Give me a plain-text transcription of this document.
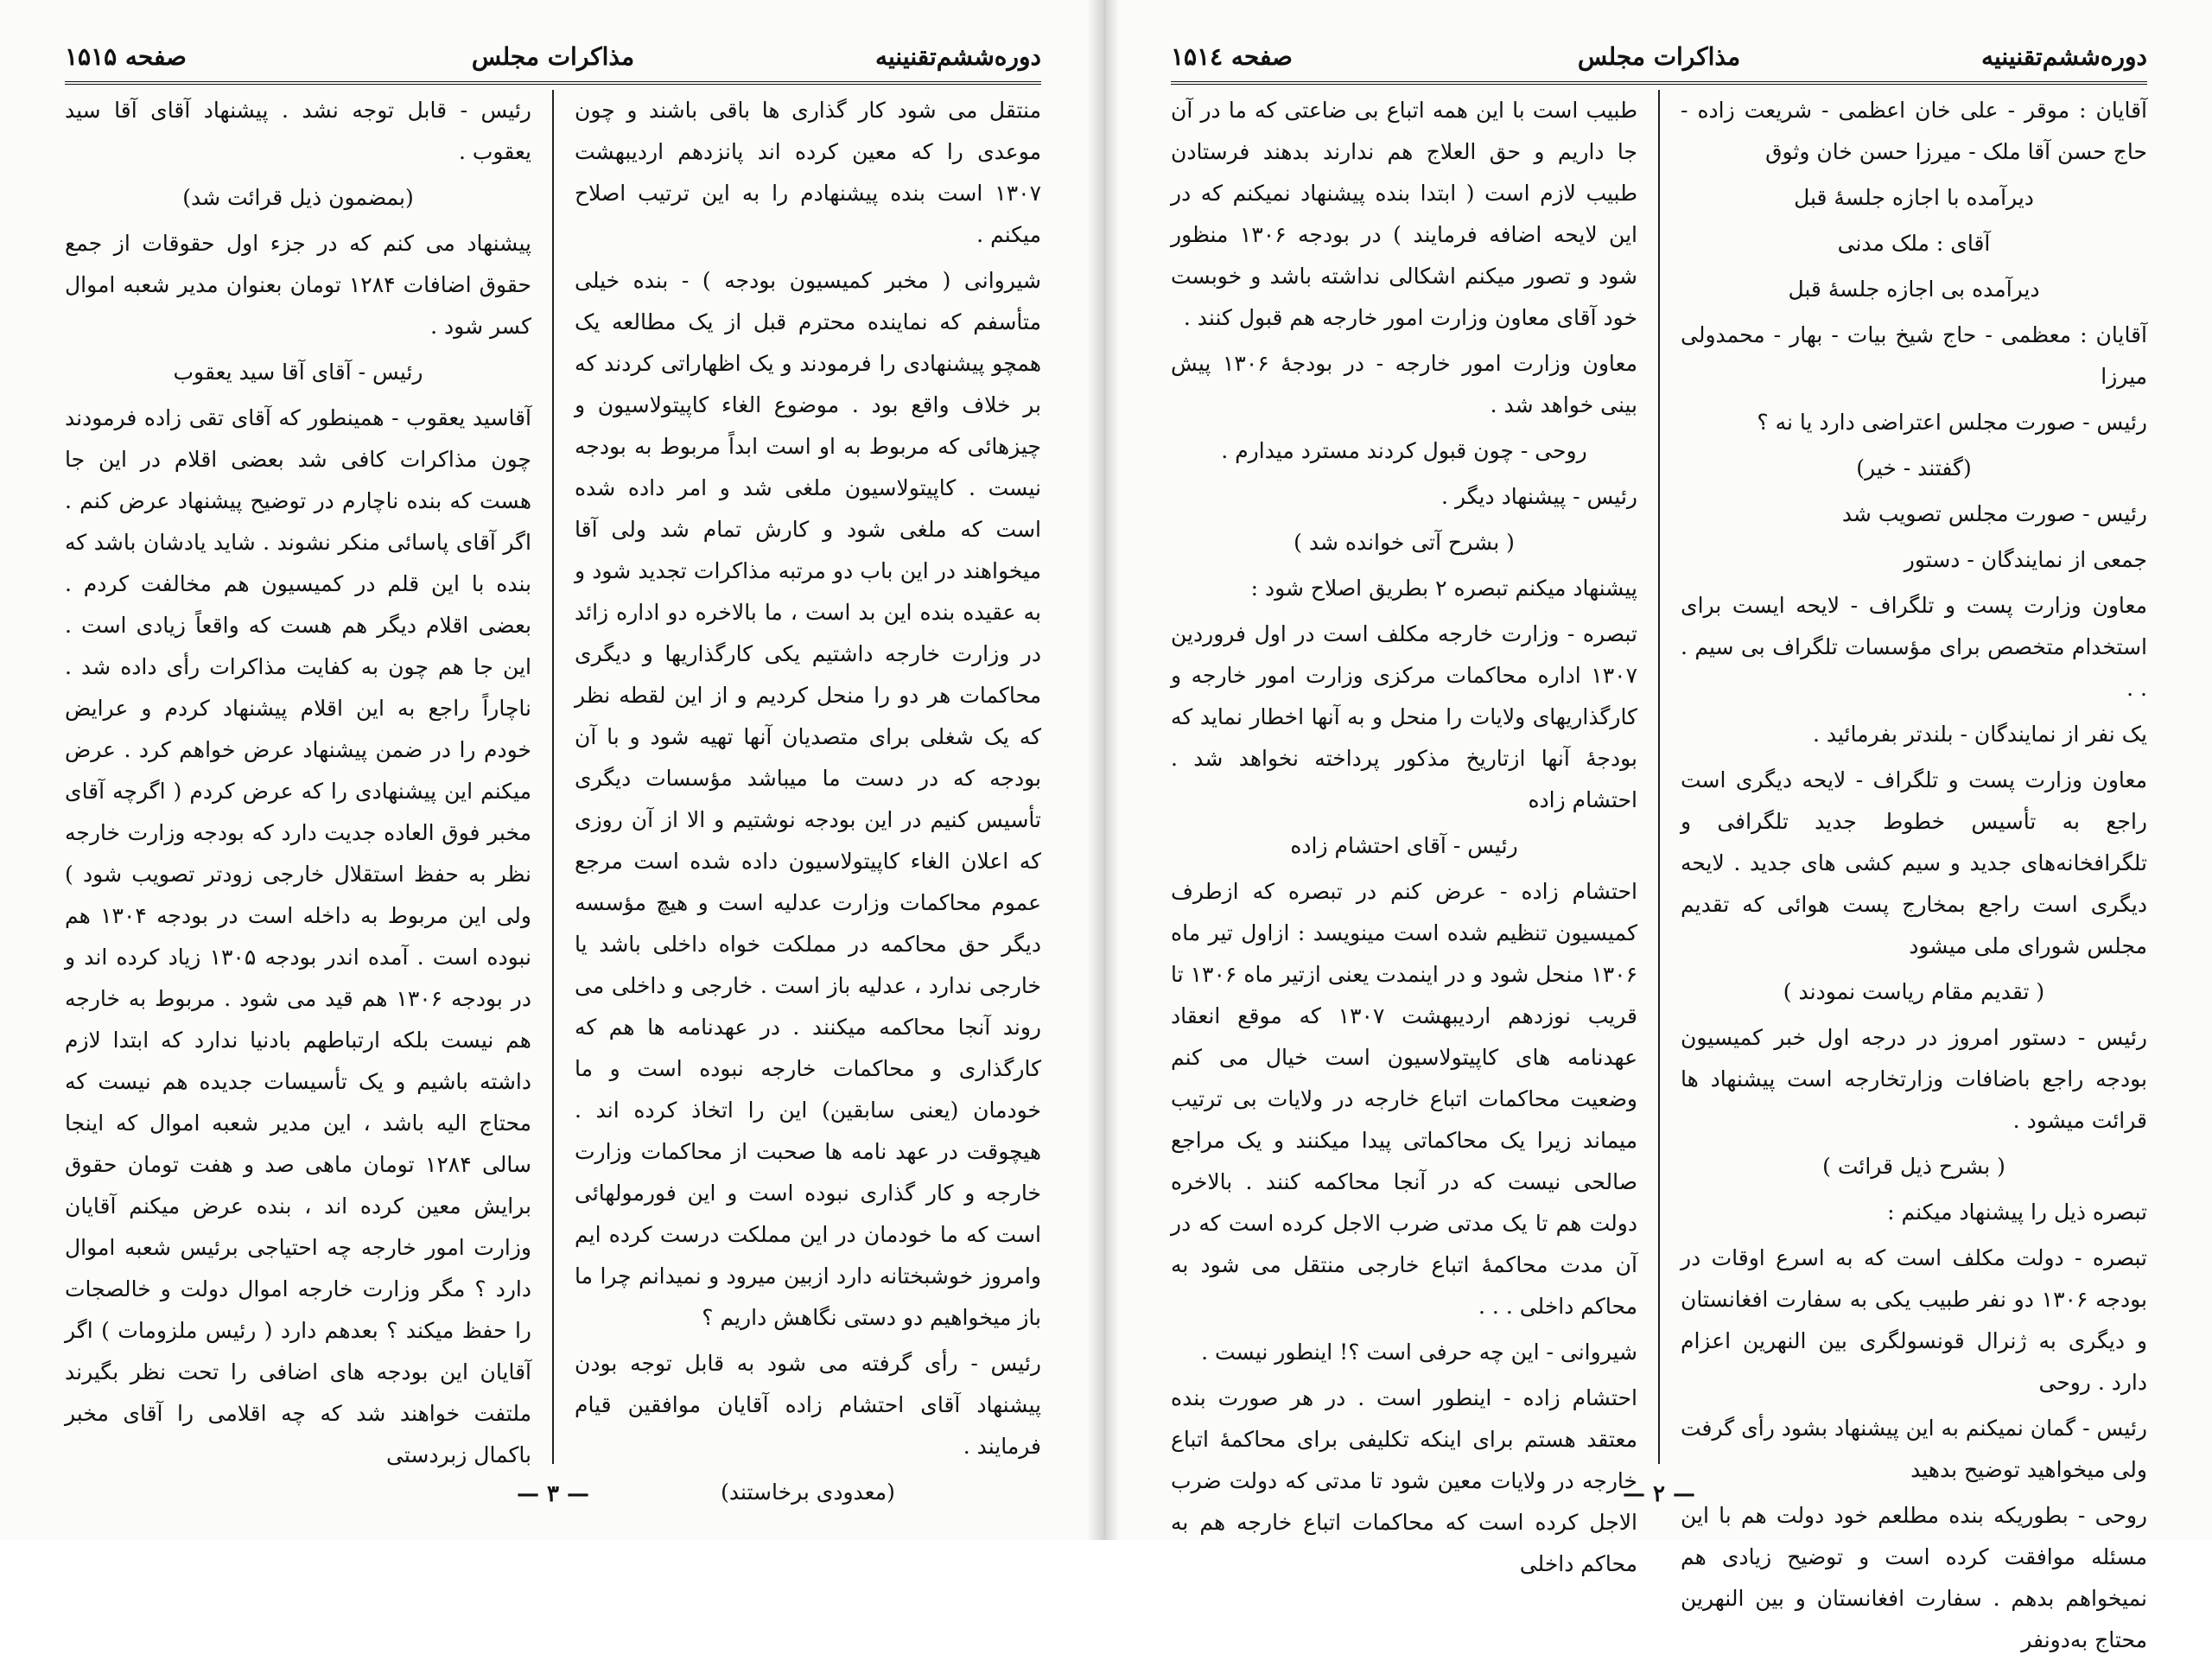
صفحه ۱۵۱۵	مذاکرات مجلس	دوره‌ششم‌تقنینیه

منتقل می شود کار گذاری ها باقی باشند و چون موعدی را که معین کرده اند پانزدهم اردیبهشت ۱۳۰۷ است بنده پیشنهادم را به این ترتیب اصلاح میکنم .

شیروانی ( مخبر کمیسیون بودجه ) - بنده خیلی متأسفم که نماینده محترم قبل از یک مطالعه یک همچو پیشنهادی را فرمودند و یک اظهاراتی کردند که بر خلاف واقع بود . موضوع الغاء کاپیتولاسیون و چیزهائی که مربوط به او است ابداً مربوط به بودجه نیست . کاپیتولاسیون ملغی شد و امر داده شده است که ملغی شود و کارش تمام شد ولی آقا میخواهند در این باب دو مرتبه مذاکرات تجدید شود و به عقیده بنده این بد است ، ما بالاخره دو اداره زائد در وزارت خارجه داشتیم یکی کارگذاریها و دیگری محاکمات هر دو را منحل کردیم و از این لقطه نظر که یک شغلی برای متصدیان آنها تهیه شود و با آن بودجه که در دست ما میباشد مؤسسات دیگری تأسیس کنیم در این بودجه نوشتیم و الا از آن روزی که اعلان الغاء کاپیتولاسیون داده شده است مرجع عموم محاکمات وزارت عدلیه است و هیچ مؤسسه دیگر حق محاکمه در مملکت خواه داخلی باشد یا خارجی ندارد ، عدلیه باز است . خارجی و داخلی می روند آنجا محاکمه میکنند . در عهدنامه ها هم که کارگذاری و محاکمات خارجه نبوده است و ما خودمان (یعنی سابقین) این را اتخاذ کرده اند . هیچوقت در عهد نامه ها صحبت از محاکمات وزارت خارجه و کار گذاری نبوده است و این فورمولهائی است که ما خودمان در این مملکت درست کرده ایم وامروز خوشبختانه دارد ازبین میرود و نمیدانم چرا ما باز میخواهیم دو دستی نگاهش داریم ؟

رئیس - رأی گرفته می شود به قابل توجه بودن پیشنهاد آقای احتشام زاده آقایان موافقین قیام فرمایند .

(معدودی برخاستند)

رئیس - قابل توجه نشد . پیشنهاد آقای آقا سید یعقوب .

(بمضمون ذیل قرائت شد)

پیشنهاد می کنم که در جزء اول حقوقات از جمع حقوق اضافات ۱۲۸۴ تومان بعنوان مدیر شعبه اموال کسر شود .

رئیس - آقای آقا سید یعقوب

آقاسید یعقوب - همینطور که آقای تقی زاده فرمودند چون مذاکرات کافی شد بعضی اقلام در این جا هست که بنده ناچارم در توضیح پیشنهاد عرض کنم . اگر آقای پاسائی منکر نشوند . شاید یادشان باشد که بنده با این قلم در کمیسیون هم مخالفت کردم . بعضی اقلام دیگر هم هست که واقعاً زیادی است . این جا هم چون به کفایت مذاکرات رأی داده شد . ناچاراً راجع به این اقلام پیشنهاد کردم و عرایض خودم را در ضمن پیشنهاد عرض خواهم کرد . عرض میکنم این پیشنهادی را که عرض کردم ( اگرچه آقای مخبر فوق العاده جدیت دارد که بودجه وزارت خارجه نظر به حفظ استقلال خارجی زودتر تصویب شود ) ولی این مربوط به داخله است در بودجه ۱۳۰۴ هم نبوده است . آمده اندر بودجه ۱۳۰۵ زیاد کرده اند و در بودجه ۱۳۰۶ هم قید می شود . مربوط به خارجه هم نیست بلکه ارتباطهم بادنیا ندارد که ابتدا لازم داشته باشیم و یک تأسیسات جدیده هم نیست که محتاج الیه باشد ، این مدیر شعبه اموال که اینجا سالی ۱۲۸۴ تومان ماهی صد و هفت تومان حقوق برایش معین کرده اند ، بنده عرض میکنم آقایان وزارت امور خارجه چه احتیاجی برئیس شعبه اموال دارد ؟ مگر وزارت خارجه اموال دولت و خالصجات را حفظ میکند ؟ بعدهم دارد ( رئیس ملزومات ) اگر آقایان این بودجه های اضافی را تحت نظر بگیرند ملتفت خواهند شد که چه اقلامی را آقای مخبر باکمال زبردستی

— ۳ —
صفحه ۱۵۱٤	مذاکرات مجلس	دوره‌ششم‌تقنینیه

آقایان : موقر - علی خان اعظمی - شریعت زاده - حاج حسن آقا ملک - میرزا حسن خان وثوق

دیرآمده با اجازه جلسهٔ قبل

آقای : ملک مدنی

دیرآمده بی اجازه جلسهٔ قبل

آقایان : معظمی - حاج شیخ بیات - بهار - محمدولی میرزا

رئیس - صورت مجلس اعتراضی دارد یا نه ؟

(گفتند - خیر)

رئیس - صورت مجلس تصویب شد

جمعی از نمایندگان - دستور

معاون وزارت پست و تلگراف - لایحه ایست برای استخدام متخصص برای مؤسسات تلگراف بی سیم . . .

یک نفر از نمایندگان - بلندتر بفرمائید .

معاون وزارت پست و تلگراف - لایحه دیگری است راجع به تأسیس خطوط جدید تلگرافی و تلگرافخانه‌های جدید و سیم کشی های جدید . لایحه دیگری است راجع بمخارج پست هوائی که تقدیم مجلس شورای ملی میشود

( تقدیم مقام ریاست نمودند )

رئیس - دستور امروز در درجه اول خبر کمیسیون بودجه راجع باضافات وزارتخارجه است پیشنهاد ها قرائت میشود .

( بشرح ذیل قرائت )

تبصره ذیل را پیشنهاد میکنم :

تبصره - دولت مکلف است که به اسرع اوقات در بودجه ۱۳۰۶ دو نفر طبیب یکی به سفارت افغانستان و دیگری به ژنرال قونسولگری بین النهرین اعزام دارد . روحی

رئیس - گمان نمیکنم به این پیشنهاد بشود رأی گرفت ولی میخواهید توضیح بدهید

روحی - بطوریکه بنده مطلعم خود دولت هم با این مسئله موافقت کرده است و توضیح زیادی هم نمیخواهم بدهم . سفارت افغانستان و بین النهرین محتاج به‌دونفر

طبیب است با این همه اتباع بی ضاعتی که ما در آن جا داریم و حق العلاج هم ندارند بدهند فرستادن طبیب لازم است ( ابتدا بنده پیشنهاد نمیکنم که در این لایحه اضافه فرمایند ) در بودجه ۱۳۰۶ منظور شود و تصور میکنم اشکالی نداشته باشد و خوبست خود آقای معاون وزارت امور خارجه هم قبول کنند .

معاون وزارت امور خارجه - در بودجهٔ ۱۳۰۶ پیش بینی خواهد شد .

روحی - چون قبول کردند مسترد میدارم .

رئیس - پیشنهاد دیگر .

( بشرح آتی خوانده شد )

پیشنهاد میکنم تبصره ۲ بطریق اصلاح شود :

تبصره - وزارت خارجه مکلف است در اول فروردین ۱۳۰۷ اداره محاکمات مرکزی وزارت امور خارجه و کارگذاریهای ولایات را منحل و به آنها اخطار نماید که بودجهٔ آنها ازتاریخ مذکور پرداخته نخواهد شد . احتشام زاده

رئیس - آقای احتشام زاده

احتشام زاده - عرض کنم در تبصره که ازطرف کمیسیون تنظیم شده است مینویسد : ازاول تیر ماه ۱۳۰۶ منحل شود و در اینمدت یعنی ازتیر ماه ۱۳۰۶ تا قریب نوزدهم اردیبهشت ۱۳۰۷ که موقع انعقاد عهدنامه های کاپیتولاسیون است خیال می کنم وضعیت محاکمات اتباع خارجه در ولایات بی ترتیب میماند زیرا یک محاکماتی پیدا میکنند و یک مراجع صالحی نیست که در آنجا محاکمه کنند . بالاخره دولت هم تا یک مدتی ضرب الاجل کرده است که در آن مدت محاکمهٔ اتباع خارجی منتقل می شود به محاکم داخلی . . .

شیروانی - این چه حرفی است ؟! اینطور نیست .

احتشام زاده - اینطور است . در هر صورت بنده معتقد هستم برای اینکه تکلیفی برای محاکمهٔ اتباع خارجه در ولایات معین شود تا مدتی که دولت ضرب الاجل کرده است که محاکمات اتباع خارجه هم به محاکم داخلی

— ۲ —
